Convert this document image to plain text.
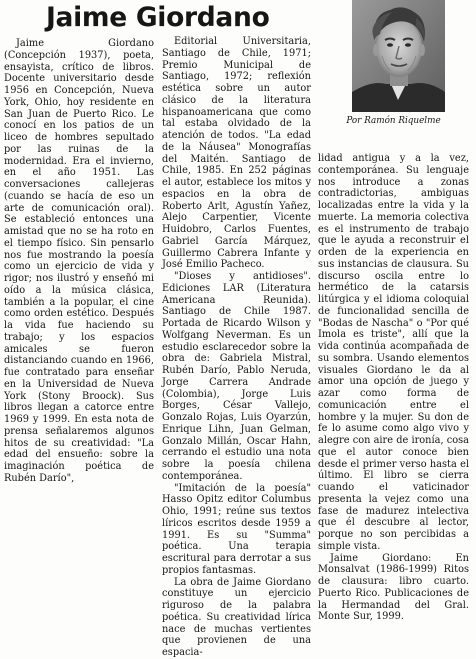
Jaime Giordano

Jaime Giordano (Concepción 1937), poeta, ensayista, crítico de libros. Docente universitario desde 1956 en Concepción, Nueva York, Ohio, hoy residente en San Juan de Puerto Rico. Le conocí en los patios de un liceo de hombres sepultado por las ruinas de la modernidad. Era el invierno, en el año 1951. Las conversaciones callejeras (cuando se hacía de eso un arte de comunicación oral). Se estableció entonces una amistad que no se ha roto en el tiempo físico. Sin pensarlo nos fue mostrando la poesía como un ejercicio de vida y rigor; nos ilustró y enseñó mi oído a la música clásica, también a la popular, el cine como orden estético. Después la vida fue haciendo su trabajo; y los espacios amicales se fueron distanciando cuando en 1966, fue contratado para enseñar en la Universidad de Nueva York (Stony Broock). Sus libros llegan a catorce entre 1969 y 1999. En esta nota de prensa señalaremos algunos hitos de su creatividad: "La edad del ensueño: sobre la imaginación poética de Rubén Darío",

Editorial Universitaria, Santiago de Chile, 1971; Premio Municipal de Santiago, 1972; reflexión estética sobre un autor clásico de la literatura hispanoamericana que como tal estaba olvidado de la atención de todos. "La edad de la Náusea" Monografías del Maitén. Santiago de Chile, 1985. En 252 páginas el autor, establece los mitos y espacios en la obra de Roberto Arlt, Agustín Yañez, Alejo Carpentier, Vicente Huidobro, Carlos Fuentes, Gabriel García Márquez, Guillermo Cabrera Infante y José Emilio Pacheco.

"Dioses y antidioses". Ediciones LAR (Literatura Americana Reunida). Santiago de Chile 1987. Portada de Ricardo Wilson y Wolfgang Neverman. Es un estudio esclarecedor sobre la obra de: Gabriela Mistral, Rubén Darío, Pablo Neruda, Jorge Carrera Andrade (Colombia), Jorge Luis Borges, César Vallejo, Gonzalo Rojas, Luis Oyarzún, Enrique Lihn, Juan Gelman, Gonzalo Millán, Oscar Hahn, cerrando el estudio una nota sobre la poesía chilena contemporánea.

"Imitación de la poesía" Hasso Opitz editor Columbus Ohio, 1991; reúne sus textos líricos escritos desde 1959 a 1991. Es su "Summa" poética. Una terapia escritural para derrotar a sus propios fantasmas.

La obra de Jaime Giordano constituye un ejercicio riguroso de la palabra poética. Su creatividad lírica nace de muchas vertientes que provienen de una espacia-

Por Ramón Riquelme

lidad antigua y a la vez, contemporánea. Su lenguaje nos introduce a zonas contradictorias, ambiguas localizadas entre la vida y la muerte. La memoria colectiva es el instrumento de trabajo que le ayuda a reconstruir el orden de la experiencia en sus instancias de clausura. Su discurso oscila entre lo hermético de la catarsis litúrgica y el idioma coloquial de funcionalidad sencilla de "Bodas de Nascha" o "Por qué Imola es triste", allí que la vida continúa acompañada de su sombra. Usando elementos visuales Giordano le da al amor una opción de juego y azar como forma de comunicación entre el hombre y la mujer. Su don de fe lo asume como algo vivo y alegre con aire de ironía, cosa que el autor conoce bien desde el primer verso hasta el último. El libro se cierra cuando el vaticinador presenta la vejez como una fase de madurez intelectiva que él descubre al lector, porque no son percibidas a simple vista.

Jaime Giordano: En Monsalvat (1986-1999) Ritos de clausura: libro cuarto. Puerto Rico. Publicaciones de la Hermandad del Gral. Monte Sur, 1999.
